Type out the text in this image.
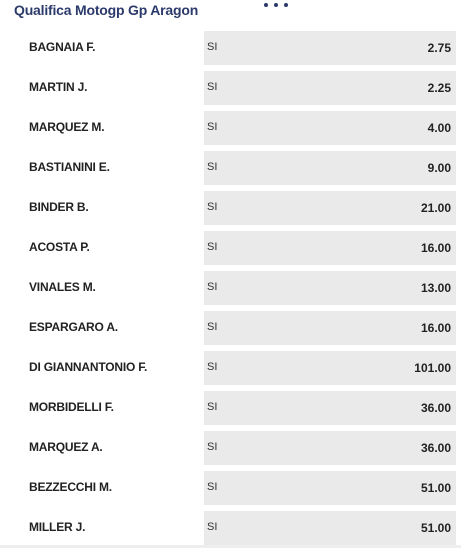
Qualifica Motogp Gp Aragon
BAGNAIA F.	SI	2.75
MARTIN J.	SI	2.25
MARQUEZ M.	SI	4.00
BASTIANINI E.	SI	9.00
BINDER B.	SI	21.00
ACOSTA P.	SI	16.00
VINALES M.	SI	13.00
ESPARGARO A.	SI	16.00
DI GIANNANTONIO F.	SI	101.00
MORBIDELLI F.	SI	36.00
MARQUEZ A.	SI	36.00
BEZZECCHI M.	SI	51.00
MILLER J.	SI	51.00
